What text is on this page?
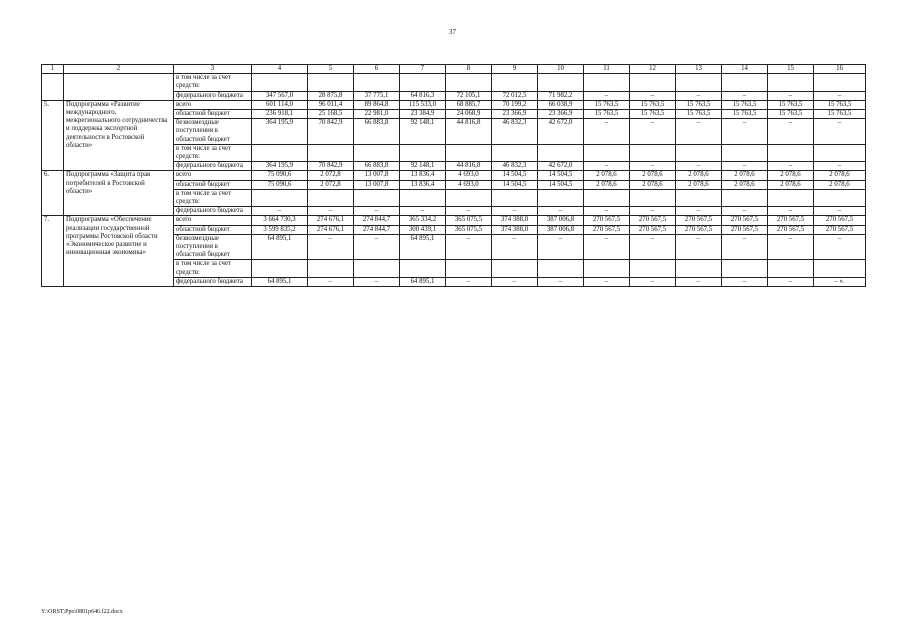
37
1	2	3	4	5	6	7	8	9	10	11	12	13	14	15	16
		в том числе за счет средств:													
		федерального бюджета	347 567,0	28 875,8	37 775,1	64 816,3	72 105,1	72 012,5	71 982,2	–	–	–	–	–	–
5.	Подпрограмма «Развитие международного, межрегионального сотрудничества и поддержка экспортной деятельности в Ростовской области»	всего	601 114,0	96 011,4	89 864,8	115 533,0	68 885,7	70 199,2	66 038,9	15 763,5	15 763,5	15 763,5	15 763,5	15 763,5	15 763,5
		областной бюджет	236 918,1	25 168,5	22 981,0	23 384,9	24 068,9	23 366,9	23 366,9	15 763,5	15 763,5	15 763,5	15 763,5	15 763,5	15 763,5
		безвозмездные поступления в областной бюджет	364 195,9	70 842,9	66 883,8	92 148,1	44 816,8	46 832,3	42 672,0	–	–	–	–	–	–
		в том числе за счет средств:													
		федерального бюджета	364 195,9	70 842,9	66 883,8	92 148,1	44 816,8	46 832,3	42 672,0	–	–	–	–	–	–
6.	Подпрограмма «Защита прав потребителей в Ростовской области»	всего	75 090,6	2 072,8	13 007,8	13 836,4	4 693,0	14 504,5	14 504,5	2 078,6	2 078,6	2 078,6	2 078,6	2 078,6	2 078,6
		областной бюджет	75 090,6	2 072,8	13 007,8	13 836,4	4 693,0	14 504,5	14 504,5	2 078,6	2 078,6	2 078,6	2 078,6	2 078,6	2 078,6
		в том числе за счет средств:													
		федерального бюджета	–	–	–	–	–	–	–	–	–	–	–	–	–
7.	Подпрограмма «Обеспечение реализации государственной программы Ростовской области «Экономическое развитие и инновационная экономика»	всего	3 664 730,3	274 676,1	274 844,7	365 334,2	365 075,5	374 388,0	387 006,8	270 567,5	270 567,5	270 567,5	270 567,5	270 567,5	270 567,5
		областной бюджет	3 599 835,2	274 676,1	274 844,7	300 439,1	365 075,5	374 388,0	387 006,8	270 567,5	270 567,5	270 567,5	270 567,5	270 567,5	270 567,5
		безвозмездные поступления в областной бюджет	64 895,1	–	–	64 895,1	–	–	–	–	–	–	–	–	–
		в том числе за счет средств:													
		федерального бюджета	64 895,1	–	–	64 895,1	–	–	–	–	–	–	–	–	– ».
Y:\ORST\Ppo\0801p646.f22.docx
